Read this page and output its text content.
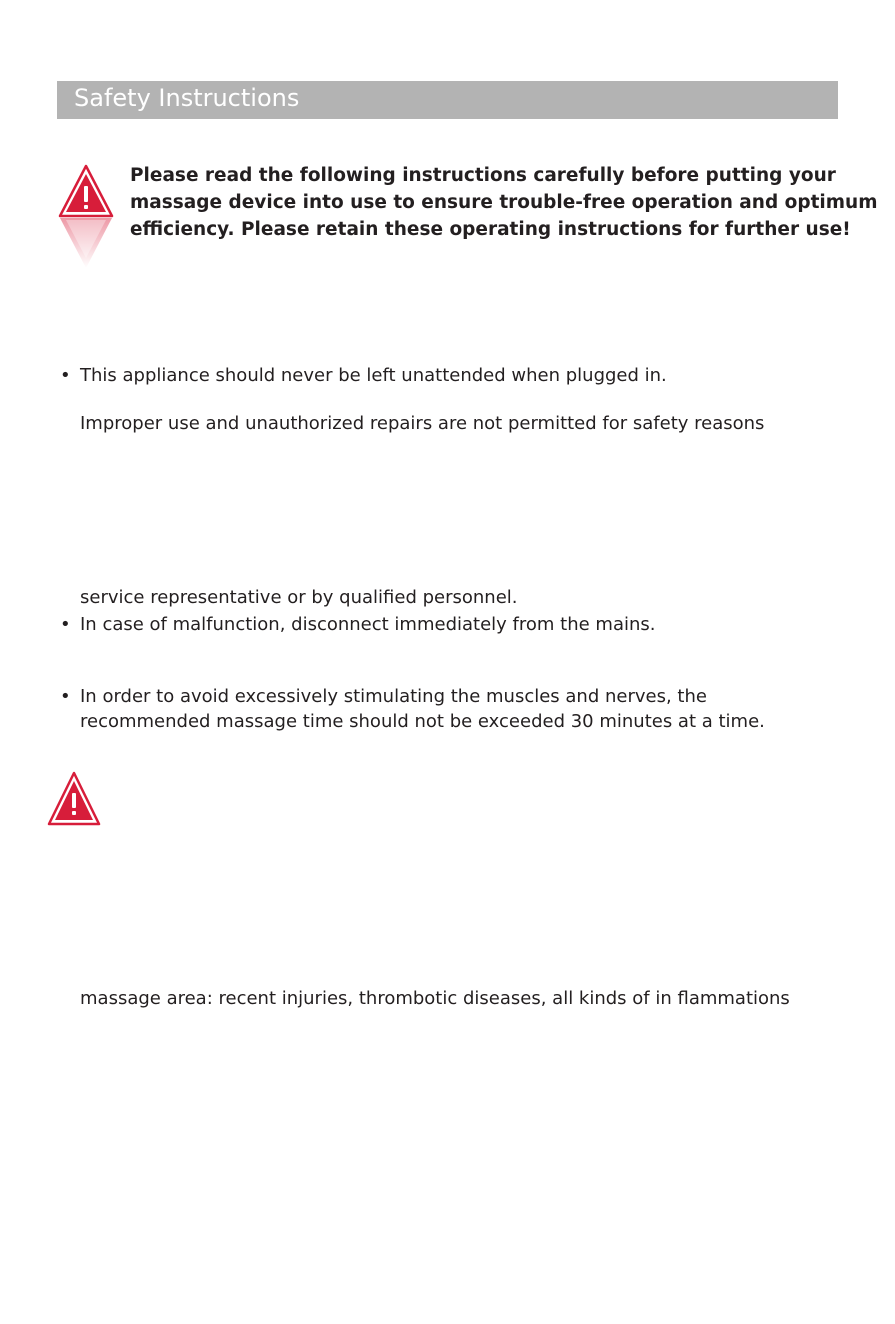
Safety Instructions
Please read the following instructions carefully before putting your
massage device into use to ensure trouble-free operation and optimum
efficiency. Please retain these operating instructions for further use!
• This appliance should never be left unattended when plugged in.
Improper use and unauthorized repairs are not permitted for safety reasons
service representative or by qualified personnel.
• In case of malfunction, disconnect immediately from the mains.
• In order to avoid excessively stimulating the muscles and nerves, the
recommended massage time should not be exceeded 30 minutes at a time.
massage area: recent injuries, thrombotic diseases, all kinds of in flammations
